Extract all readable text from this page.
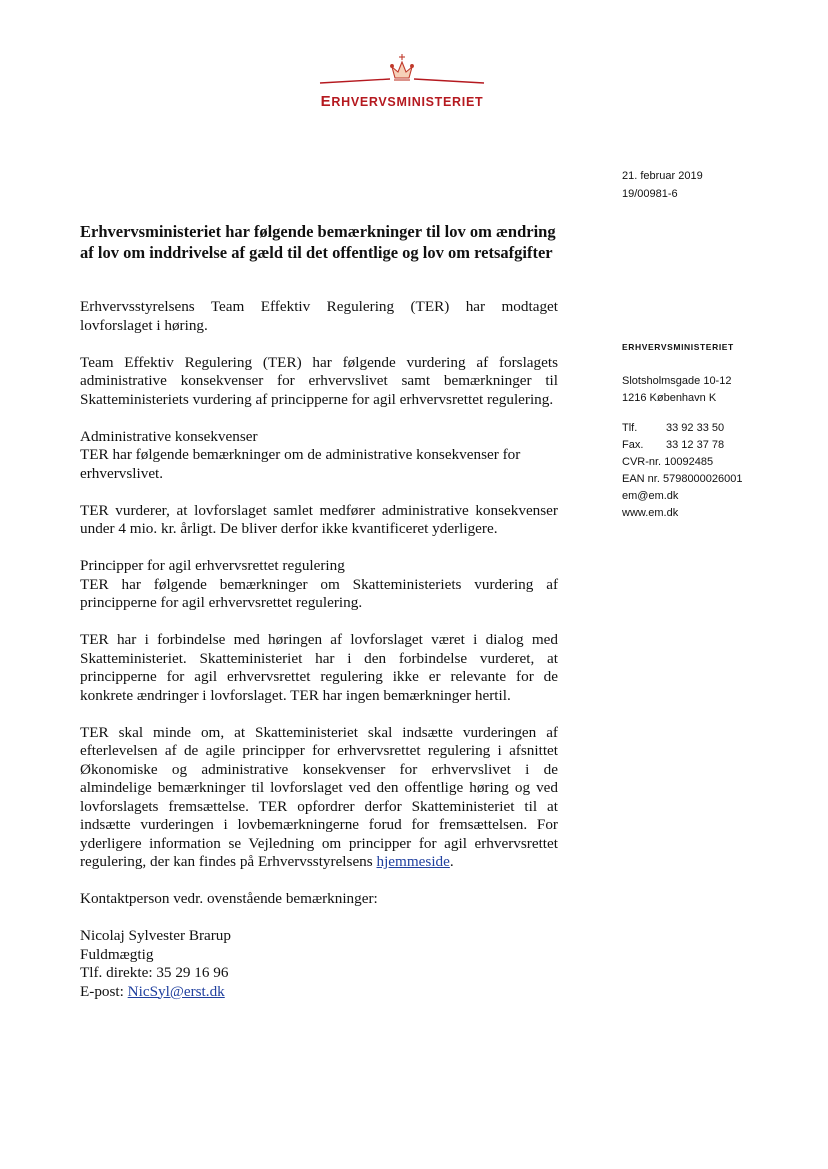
ERHVERVSMINISTERIET
21. februar 2019
19/00981-6
ERHVERVSMINISTERIET
Slotsholmsgade 10-12
1216 København K
Tlf.	33 92 33 50
Fax.	33 12 37 78
CVR-nr.
10092485
EAN nr.
5798000026001
em@em.dk
www.em.dk
Erhvervsministeriet har følgende bemærkninger til lov om ændring af lov om inddrivelse af gæld til det offentlige og lov om retsafgifter

Erhvervsstyrelsens Team Effektiv Regulering (TER) har modtaget lovforslaget i høring.

Team Effektiv Regulering (TER) har følgende vurdering af forslagets administrative konsekvenser for erhvervslivet samt bemærkninger til Skatteministeriets vurdering af principperne for agil erhvervsrettet regulering.

Administrative konsekvenser
TER har følgende bemærkninger om de administrative konsekvenser for erhvervslivet.

TER vurderer, at lovforslaget samlet medfører administrative konsekvenser under 4 mio. kr. årligt. De bliver derfor ikke kvantificeret yderligere.

Principper for agil erhvervsrettet regulering
TER har følgende bemærkninger om Skatteministeriets vurdering af principperne for agil erhvervsrettet regulering.

TER har i forbindelse med høringen af lovforslaget været i dialog med Skatteministeriet. Skatteministeriet har i den forbindelse vurderet, at principperne for agil erhvervsrettet regulering ikke er relevante for de konkrete ændringer i lovforslaget. TER har ingen bemærkninger hertil.

TER skal minde om, at Skatteministeriet skal indsætte vurderingen af efterlevelsen af de agile principper for erhvervsrettet regulering i afsnittet Økonomiske og administrative konsekvenser for erhvervslivet i de almindelige bemærkninger til lovforslaget ved den offentlige høring og ved lovforslagets fremsættelse. TER opfordrer derfor Skatteministeriet til at indsætte vurderingen i lovbemærkningerne forud for fremsættelsen. For yderligere information se Vejledning om principper for agil erhvervsrettet regulering, der kan findes på Erhvervsstyrelsens hjemmeside.

Kontaktperson vedr. ovenstående bemærkninger:

Nicolaj Sylvester Brarup
Fuldmægtig
Tlf. direkte: 35 29 16 96
E-post: NicSyl@erst.dk
